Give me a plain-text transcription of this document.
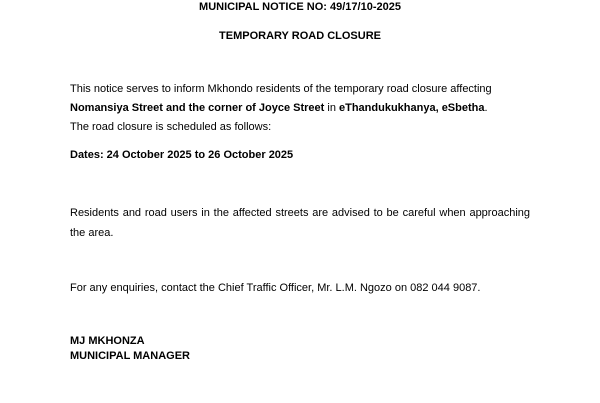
MUNICIPAL NOTICE NO: 49/17/10-2025
TEMPORARY ROAD CLOSURE

This notice serves to inform Mkhondo residents of the temporary road closure affecting
Nomansiya Street and the corner of Joyce Street in eThandukukhanya, eSbetha.
The road closure is scheduled as follows:

Dates: 24 October 2025 to 26 October 2025

Residents and road users in the affected streets are advised to be careful when approaching the area.

For any enquiries, contact the Chief Traffic Officer, Mr. L.M. Ngozo on 082 044 9087.

MJ MKHONZA
MUNICIPAL MANAGER
